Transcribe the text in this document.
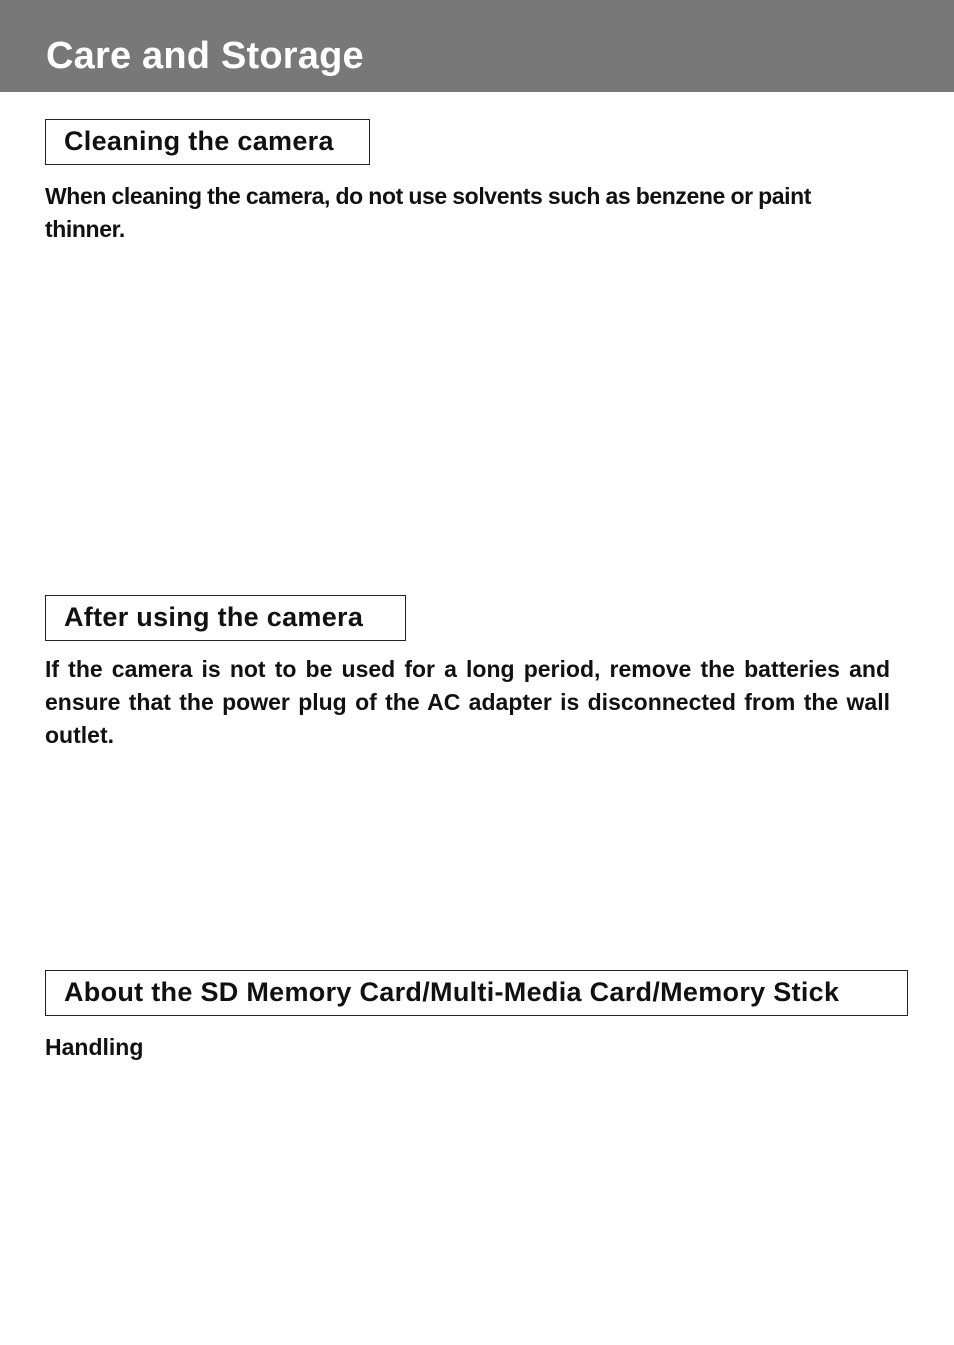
Care and Storage
Cleaning the camera

When cleaning the camera, do not use solvents such as benzene or paint thinner.

After using the camera

If the camera is not to be used for a long period, remove the batteries and ensure that the power plug of the AC adapter is disconnected from the wall outlet.

About the SD Memory Card/Multi-Media Card/Memory Stick

Handling
